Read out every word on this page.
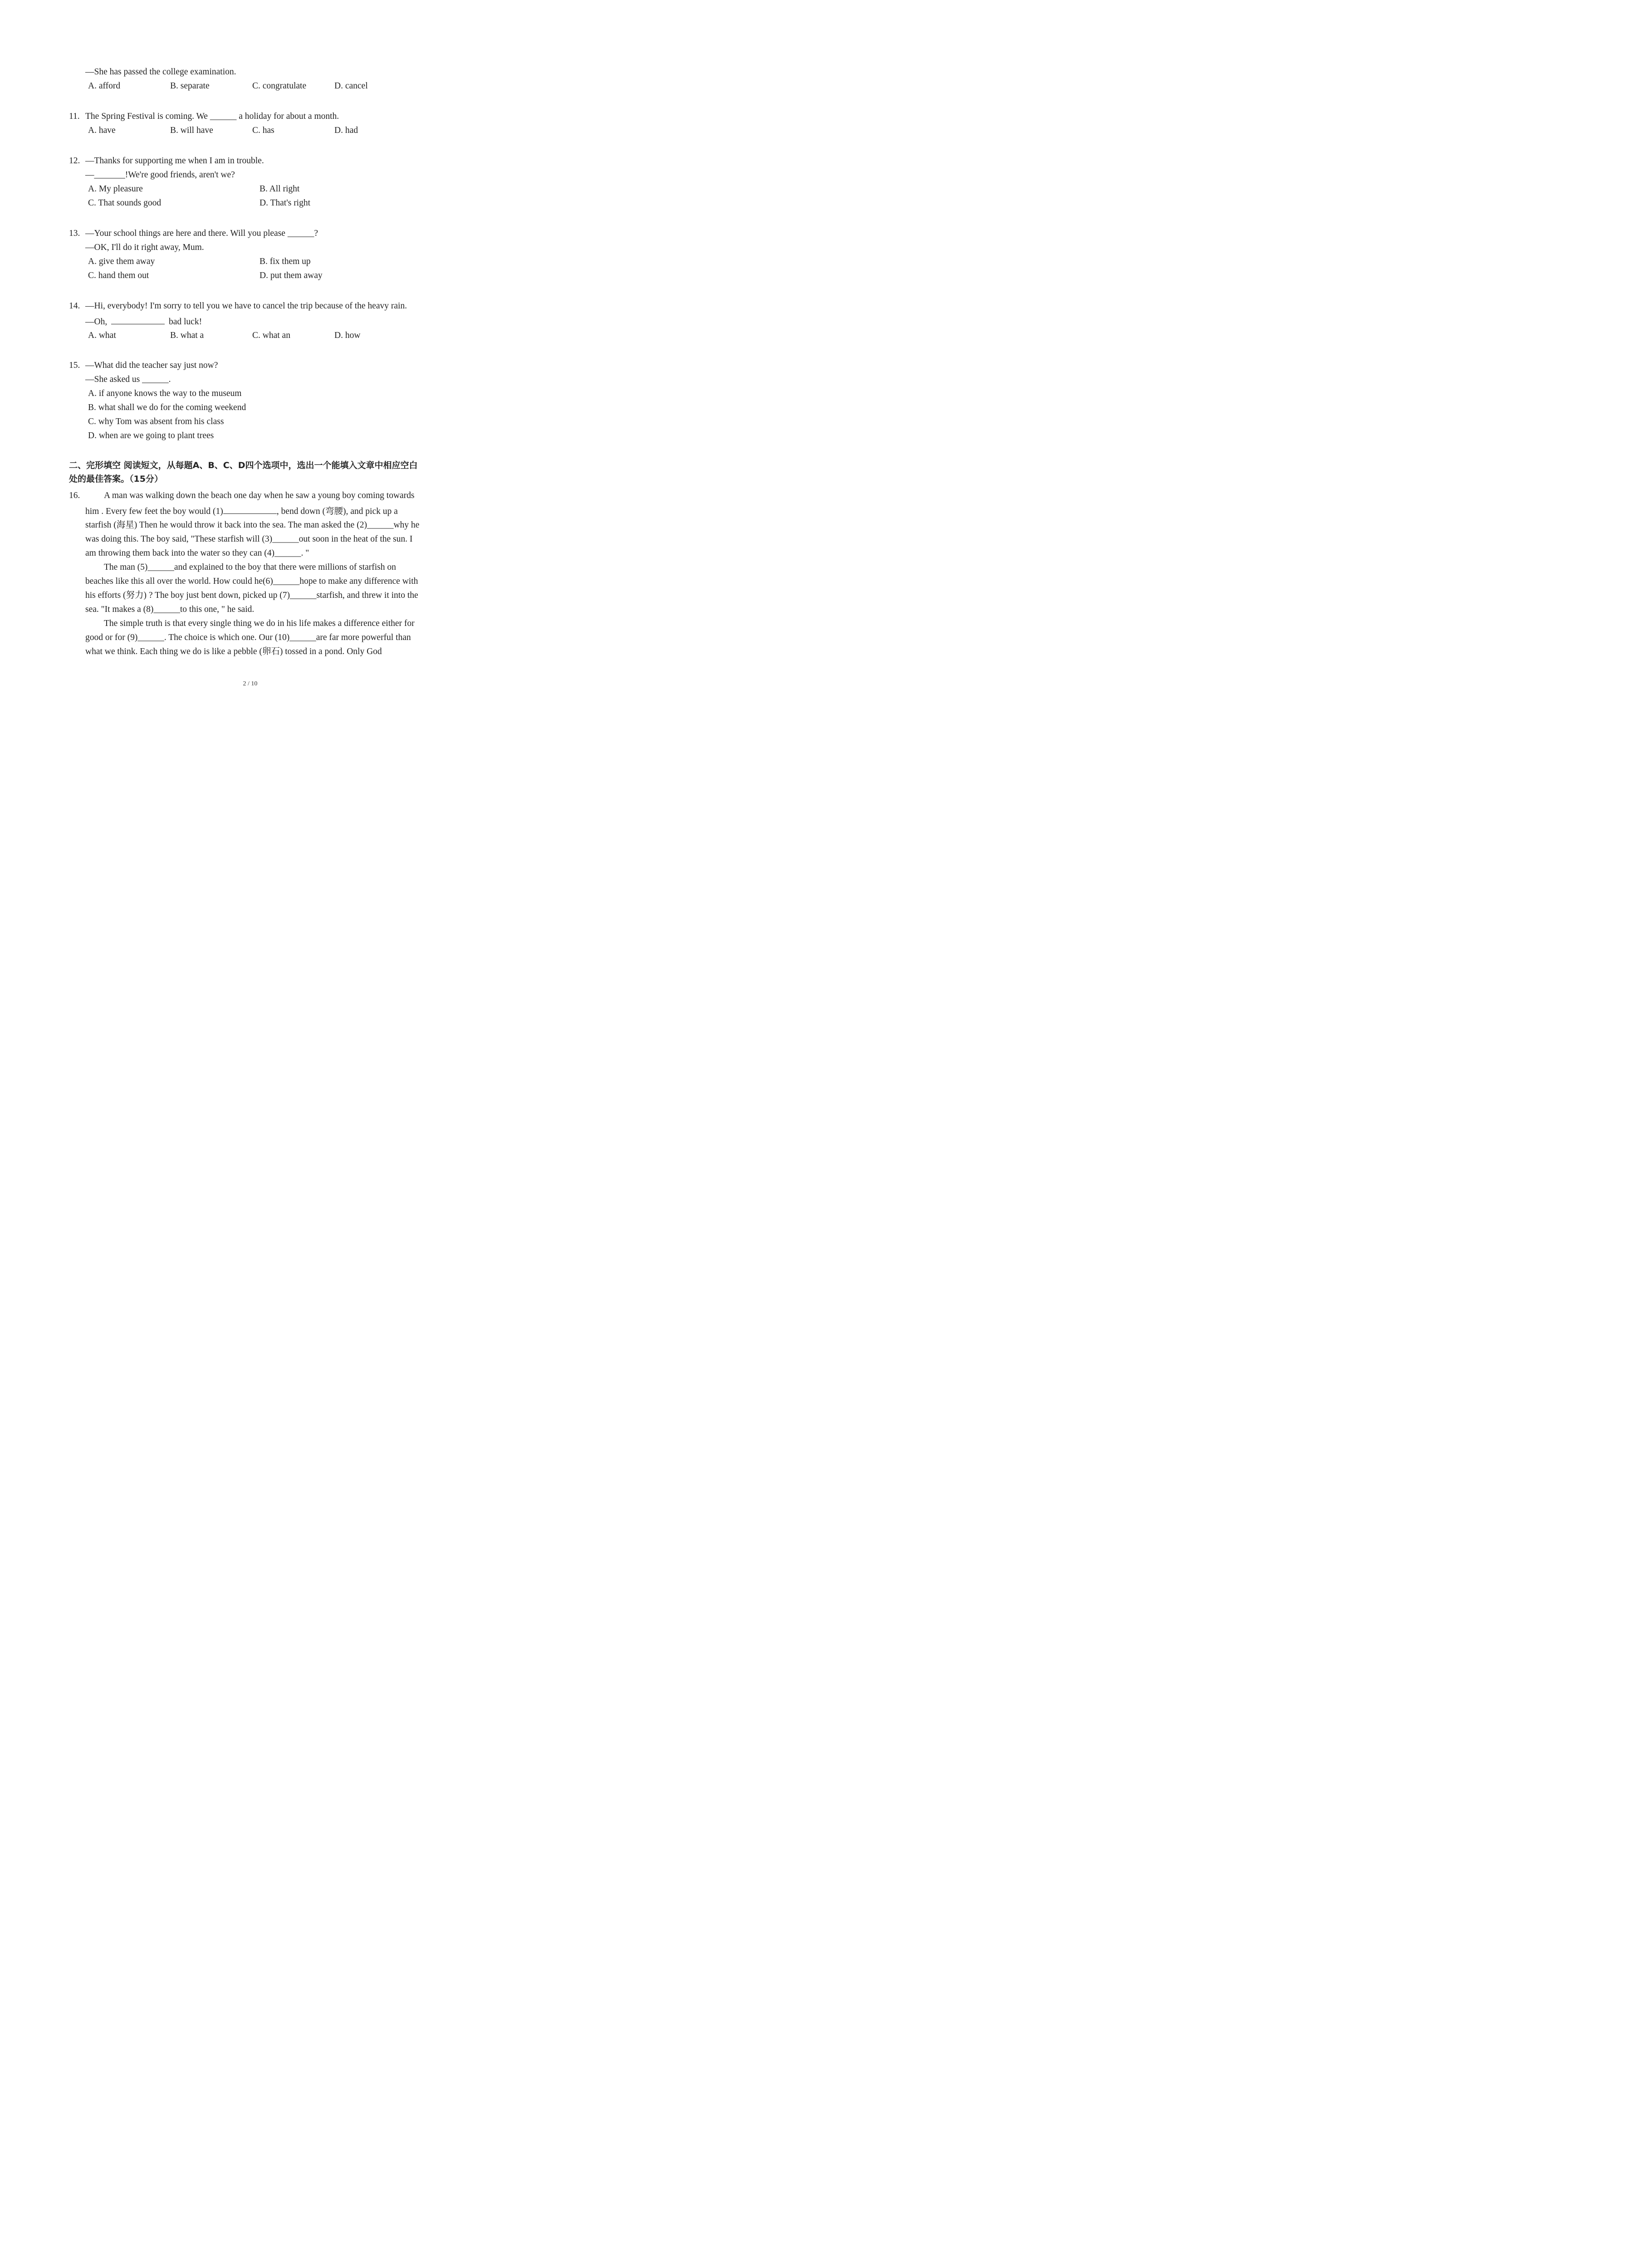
—She has passed the college examination.
A. afford	B. separate	C. congratulate	D. cancel
11. The Spring Festival is coming. We ______ a holiday for about a month.
A. have	B. will have	C. has	D. had
12. —Thanks for supporting me when I am in trouble.
—_______!We're good friends, aren't we?
A. My pleasure	B. All right
C. That sounds good	D. That's right
13. —Your school things are here and there. Will you please ______?
—OK, I'll do it right away, Mum.
A. give them away	B. fix them up
C. hand them out	D. put them away
14. —Hi, everybody! I'm sorry to tell you we have to cancel the trip because of the heavy rain.
—Oh,	bad luck!
A. what	B. what a	C. what an	D. how
15. —What did the teacher say just now?
—She asked us ______.
A. if anyone knows the way to the museum
B. what shall we do for the coming weekend
C. why Tom was absent from his class
D. when are we going to plant trees
二、完形填空 阅读短文，从每题A、B、C、D四个选项中，选出一个能填入文章中相应空白
处的最佳答案。（15分）
16.	A man was walking down the beach one day when he saw a young boy coming towards
him . Every few feet the boy would (1)	, bend down (弯腰), and pick up a
starfish (海星) Then he would throw it back into the sea. The man asked the (2)______why he
was doing this. The boy said, "These starfish will (3)______out soon in the heat of the sun. I
am throwing them back into the water so they can (4)______. "
The man (5)______and explained to the boy that there were millions of starfish on
beaches like this all over the world. How could he(6)______hope to make any difference with
his efforts (努力) ? The boy just bent down, picked up (7)______starfish, and threw it into the
sea. "It makes a (8)______to this one, " he said.
The simple truth is that every single thing we do in his life makes a difference either for
good or for (9)______. The choice is which one. Our (10)______are far more powerful than
what we think. Each thing we do is like a pebble (卵石) tossed in a pond. Only God
2 / 10
